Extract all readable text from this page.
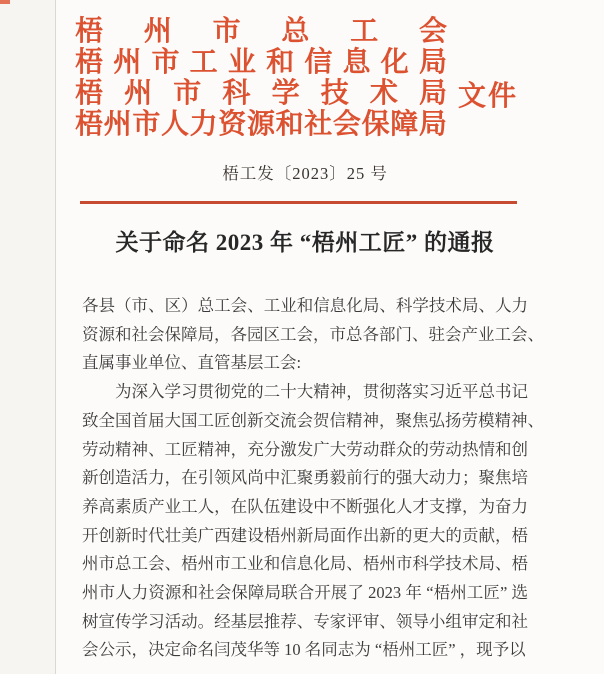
文件
梧 州 市 总 工 会
梧 州 市 工 业 和 信 息 化 局
梧 州 市 科 学 技 术 局
梧 州 市 人 力 资 源 和 社 会 保 障 局
梧工发〔2023〕25 号
关于命名 2023 年 “梧州工匠” 的通报
各县（市、区）总工会、工业和信息化局、科学技术局、人力
资源和社会保障局，各园区工会，市总各部门、驻会产业工会、
直属事业单位、直管基层工会:
为深入学习贯彻党的二十大精神，贯彻落实习近平总书记
致全国首届大国工匠创新交流会贺信精神，聚焦弘扬劳模精神、
劳动精神、工匠精神，充分激发广大劳动群众的劳动热情和创
新创造活力，在引领风尚中汇聚勇毅前行的强大动力；聚焦培
养高素质产业工人，在队伍建设中不断强化人才支撑，为奋力
开创新时代壮美广西建设梧州新局面作出新的更大的贡献，梧
州市总工会、梧州市工业和信息化局、梧州市科学技术局、梧
州市人力资源和社会保障局联合开展了 2023 年 “梧州工匠” 选
树宣传学习活动。经基层推荐、专家评审、领导小组审定和社
会公示，决定命名闫茂华等 10 名同志为 “梧州工匠” ，现予以
